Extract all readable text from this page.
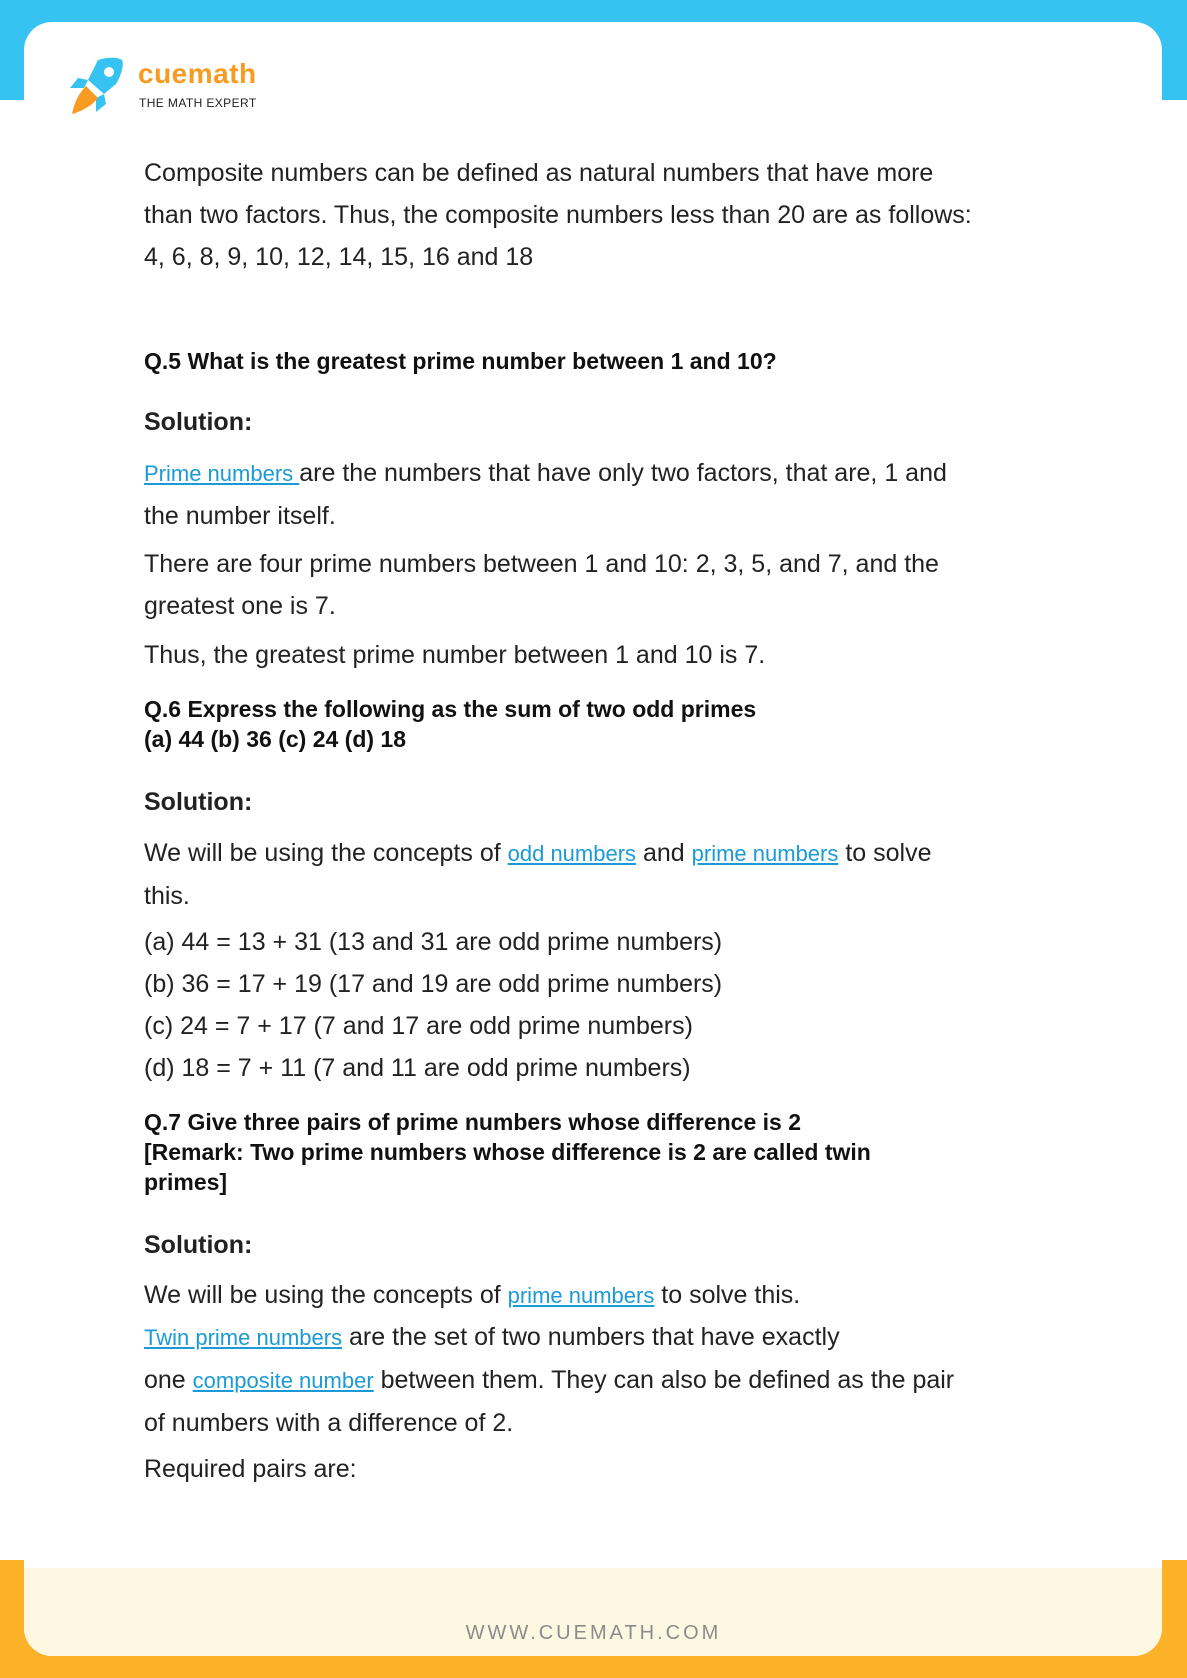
cuemath
THE MATH EXPERT
Composite numbers can be defined as natural numbers that have more
than two factors. Thus, the composite numbers less than 20 are as follows:
4, 6, 8, 9, 10, 12, 14, 15, 16 and 18
Q.5 What is the greatest prime number between 1 and 10?
Solution:
Prime numbers are the numbers that have only two factors, that are, 1 and
the number itself.
There are four prime numbers between 1 and 10: 2, 3, 5, and 7, and the
greatest one is 7.
Thus, the greatest prime number between 1 and 10 is 7.
Q.6 Express the following as the sum of two odd primes
(a) 44 (b) 36 (c) 24 (d) 18
Solution:
We will be using the concepts of odd numbers and prime numbers to solve
this.
(a) 44 = 13 + 31 (13 and 31 are odd prime numbers)
(b) 36 = 17 + 19 (17 and 19 are odd prime numbers)
(c) 24 = 7 + 17 (7 and 17 are odd prime numbers)
(d) 18 = 7 + 11 (7 and 11 are odd prime numbers)
Q.7 Give three pairs of prime numbers whose difference is 2
[Remark: Two prime numbers whose difference is 2 are called twin
primes]
Solution:
We will be using the concepts of prime numbers to solve this.
Twin prime numbers are the set of two numbers that have exactly
one composite number between them. They can also be defined as the pair
of numbers with a difference of 2.
Required pairs are:
WWW.CUEMATH.COM
